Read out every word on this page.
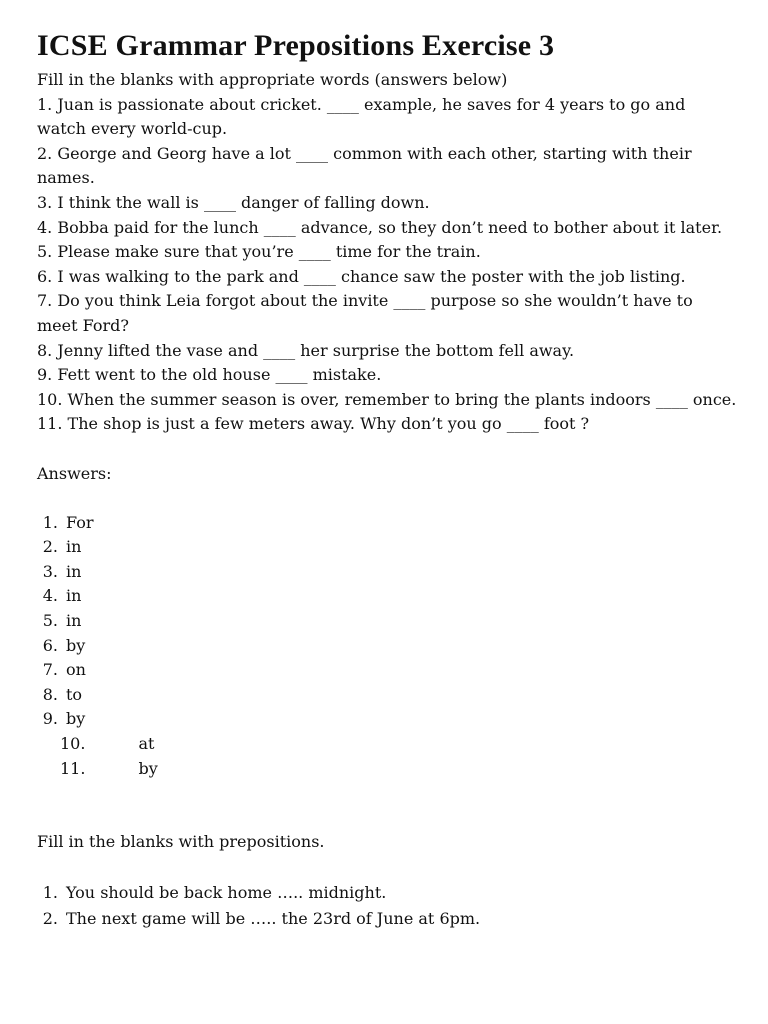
ICSE Grammar Prepositions Exercise 3

Fill in the blanks with appropriate words (answers below)

1. Juan is passionate about cricket. ____ example, he saves for 4 years to go and watch every world-cup.

2. George and Georg have a lot ____ common with each other, starting with their names.

3. I think the wall is ____ danger of falling down.

4. Bobba paid for the lunch ____ advance, so they don’t need to bother about it later.

5. Please make sure that you’re ____ time for the train.

6. I was walking to the park and ____ chance saw the poster with the job listing.

7. Do you think Leia forgot about the invite ____ purpose so she wouldn’t have to meet Ford?

8. Jenny lifted the vase and ____ her surprise the bottom fell away.

9. Fett went to the old house ____ mistake.

10. When the summer season is over, remember to bring the plants indoors ____ once.

11. The shop is just a few meters away. Why don’t you go ____ foot ?

Answers:

1. For
2. in
3. in
4. in
5. in
6. by
7. on
8. to
9. by
10.	at
11.	by

Fill in the blanks with prepositions.

1. You should be back home ….. midnight.
2. The next game will be ….. the 23rd of June at 6pm.
